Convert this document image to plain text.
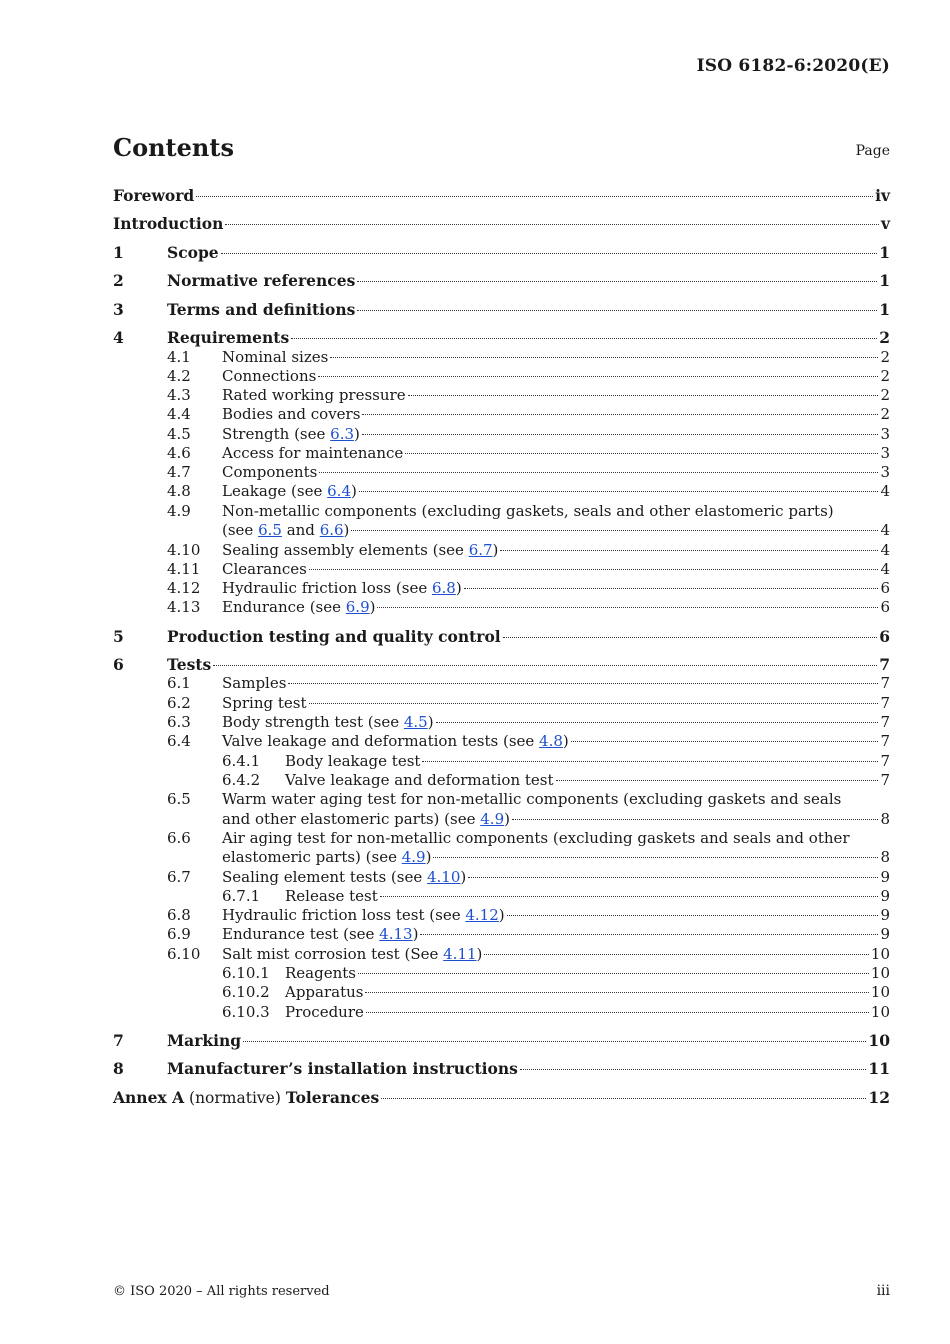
ISO 6182-6:2020(E)
Contents	Page
Foreword	iv
Introduction	v
1	Scope	1
2	Normative references	1
3	Terms and definitions	1
4	Requirements	2
4.1 Nominal sizes	2
4.2 Connections	2
4.3 Rated working pressure	2
4.4 Bodies and covers	2
4.5 Strength (see 6.3)	3
4.6 Access for maintenance	3
4.7 Components	3
4.8 Leakage (see 6.4)	4
4.9 Non-metallic components (excluding gaskets, seals and other elastomeric parts)
(see 6.5 and 6.6)	4
4.10 Sealing assembly elements (see 6.7)	4
4.11 Clearances	4
4.12 Hydraulic friction loss (see 6.8)	6
4.13 Endurance (see 6.9)	6
5	Production testing and quality control	6
6	Tests	7
6.1 Samples	7
6.2 Spring test	7
6.3 Body strength test (see 4.5)	7
6.4 Valve leakage and deformation tests (see 4.8)	7
6.4.1 Body leakage test	7
6.4.2 Valve leakage and deformation test	7
6.5 Warm water aging test for non-metallic components (excluding gaskets and seals
and other elastomeric parts) (see 4.9)	8
6.6 Air aging test for non-metallic components (excluding gaskets and seals and other
elastomeric parts) (see 4.9)	8
6.7 Sealing element tests (see 4.10)	9
6.7.1 Release test	9
6.8 Hydraulic friction loss test (see 4.12)	9
6.9 Endurance test (see 4.13)	9
6.10 Salt mist corrosion test (See 4.11)	10
6.10.1 Reagents	10
6.10.2 Apparatus	10
6.10.3 Procedure	10
7	Marking	10
8	Manufacturer’s installation instructions	11
Annex A (normative) Tolerances	12
© ISO 2020 – All rights reserved	iii
